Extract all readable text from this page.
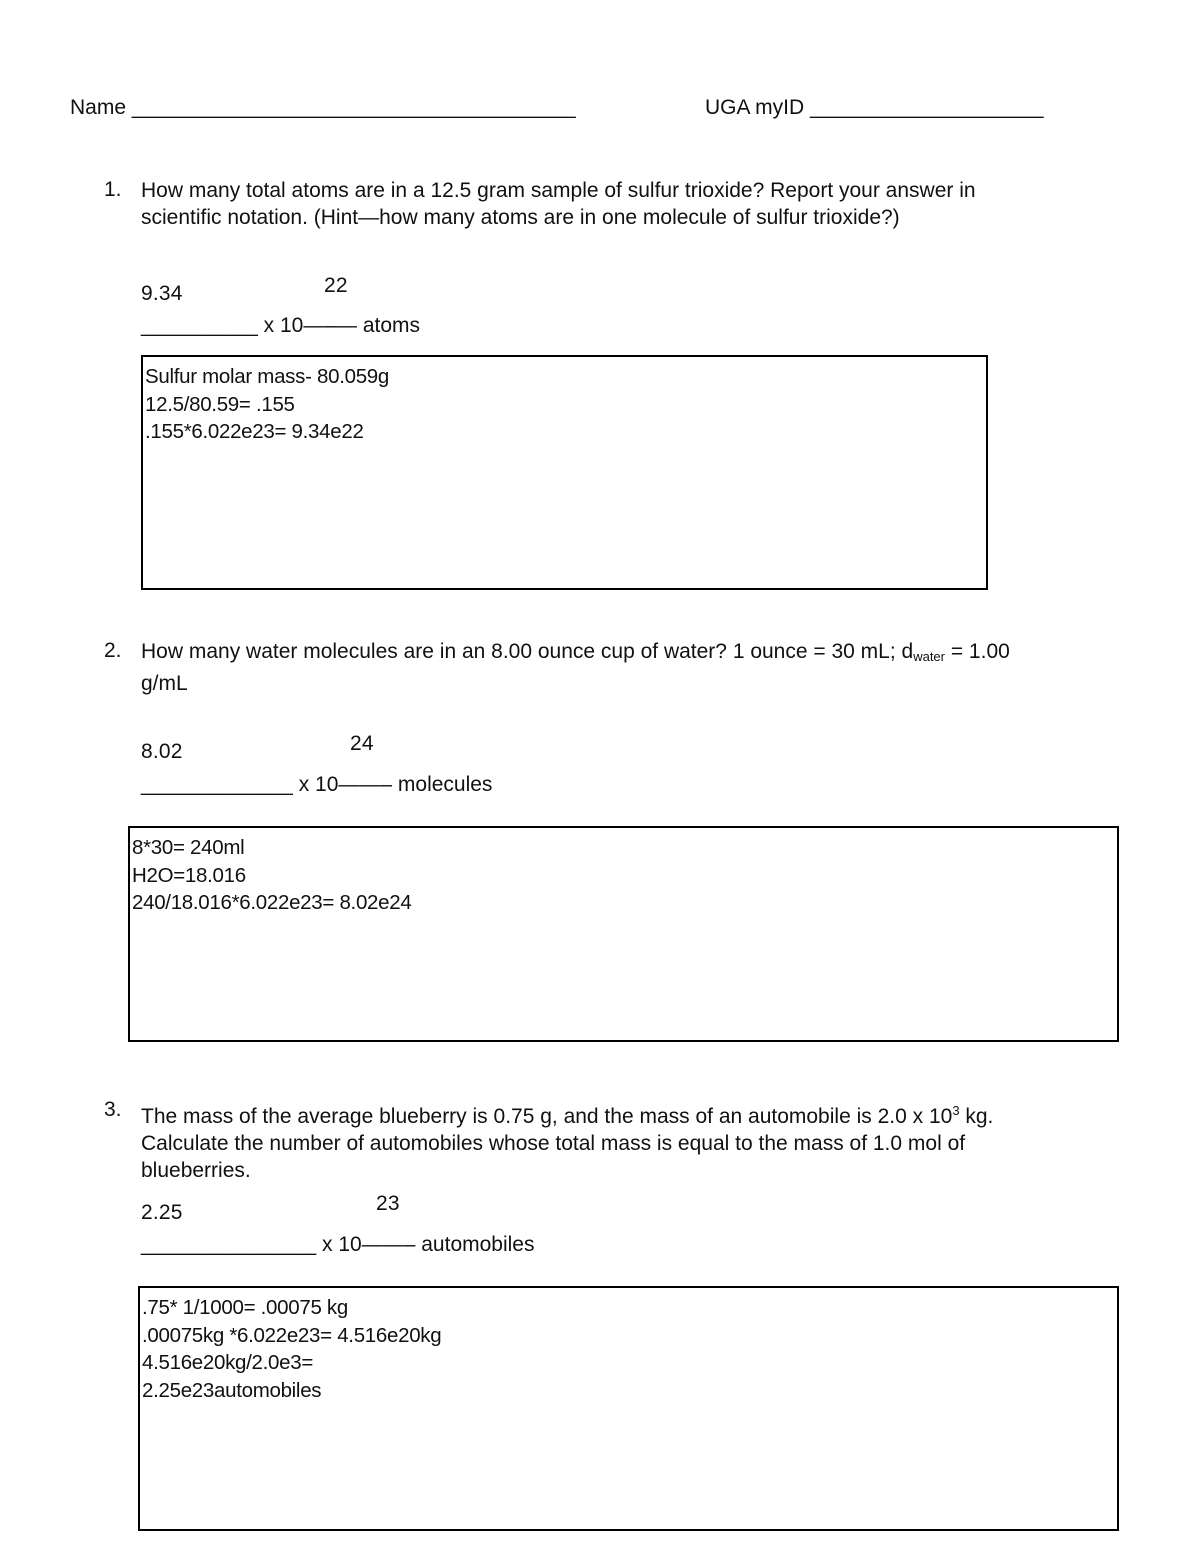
Name ______________________________________	UGA myID ____________________
1. How many total atoms are in a 12.5 gram sample of sulfur trioxide? Report your answer in
scientific notation. (Hint—how many atoms are in one molecule of sulfur trioxide?)
9.34	22
__________ x 10—–— atoms
Sulfur molar mass- 80.059g
12.5/80.59= .155
.155*6.022e23= 9.34e22
2. How many water molecules are in an 8.00 ounce cup of water? 1 ounce = 30 mL; $d_{water} = 1.00$
g/mL
8.02	24
_____________ x 10——– molecules
8*30= 240ml
H2O=18.016
240/18.016*6.022e23= 8.02e24
3. The mass of the average blueberry is 0.75 g, and the mass of an automobile is 2.0 x $10^3$ kg.
Calculate the number of automobiles whose total mass is equal to the mass of 1.0 mol of
blueberries.
2.25	23
_______________ x 10——– automobiles
.75* 1/1000= .00075 kg
.00075kg *6.022e23= 4.516e20kg
4.516e20kg/2.0e3=
2.25e23automobiles
